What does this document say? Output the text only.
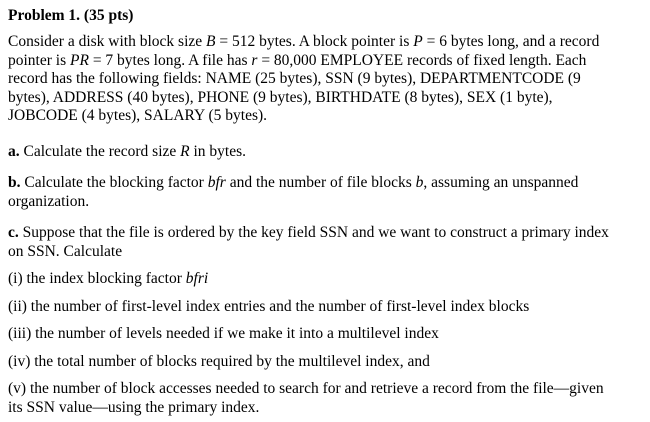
Problem 1. (35 pts)
Consider a disk with block size B = 512 bytes. A block pointer is P = 6 bytes long, and a record
pointer is PR = 7 bytes long. A file has r = 80,000 EMPLOYEE records of fixed length. Each
record has the following fields: NAME (25 bytes), SSN (9 bytes), DEPARTMENTCODE (9
bytes), ADDRESS (40 bytes), PHONE (9 bytes), BIRTHDATE (8 bytes), SEX (1 byte),
JOBCODE (4 bytes), SALARY (5 bytes).
a. Calculate the record size R in bytes.
b. Calculate the blocking factor bfr and the number of file blocks b, assuming an unspanned
organization.
c. Suppose that the file is ordered by the key field SSN and we want to construct a primary index
on SSN. Calculate
(i) the index blocking factor bfri
(ii) the number of first-level index entries and the number of first-level index blocks
(iii) the number of levels needed if we make it into a multilevel index
(iv) the total number of blocks required by the multilevel index, and
(v) the number of block accesses needed to search for and retrieve a record from the file—given
its SSN value—using the primary index.
